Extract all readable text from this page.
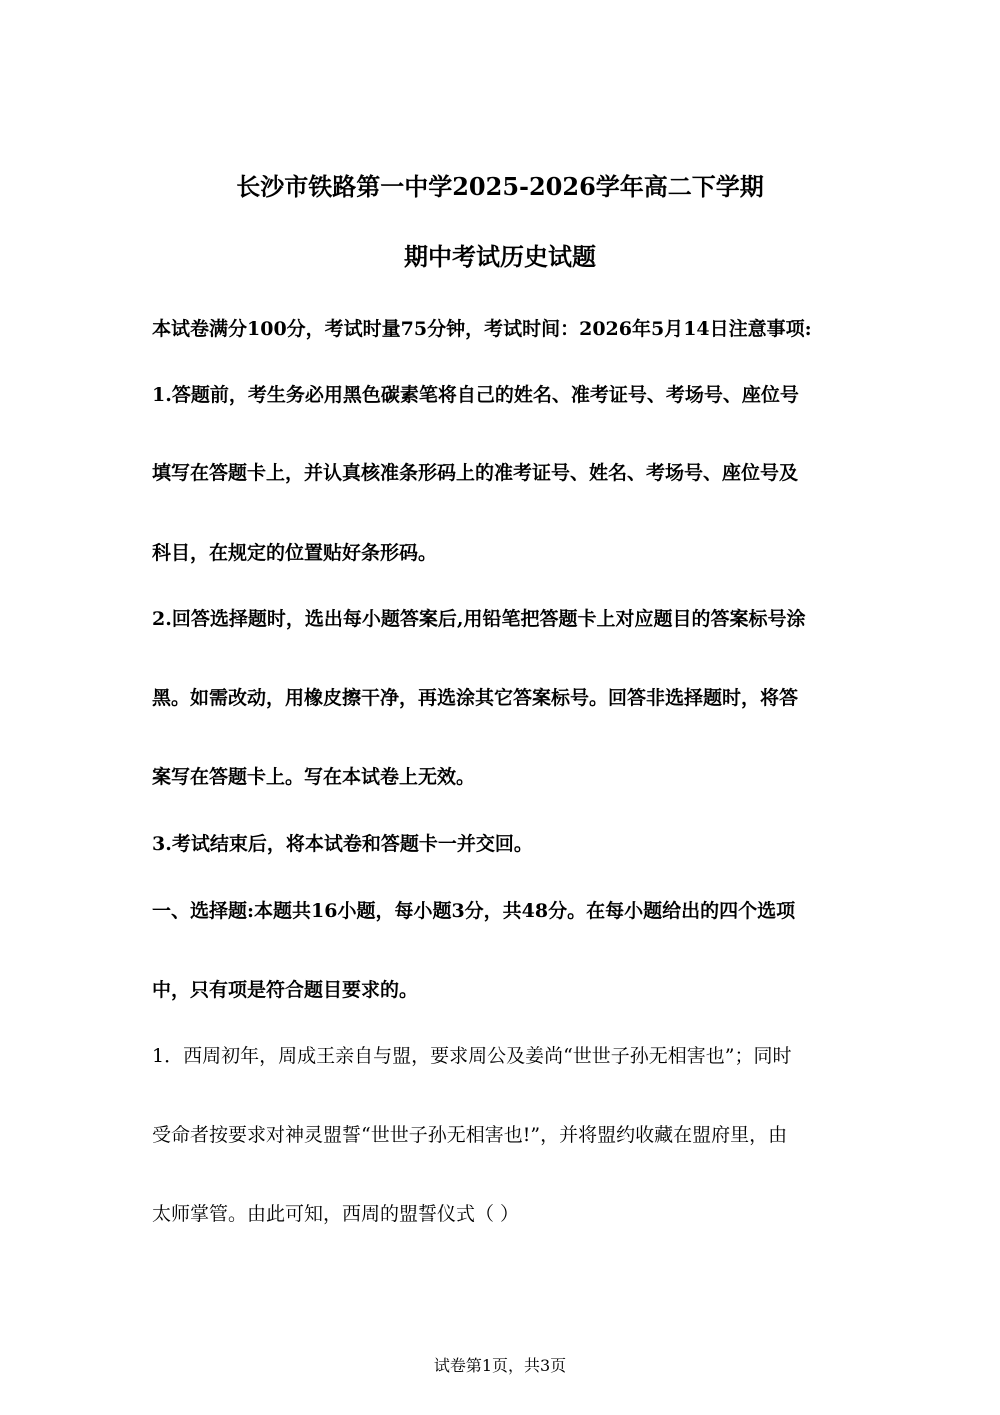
长沙市铁路第一中学2025-2026学年高二下学期
期中考试历史试题
本试卷满分100分，考试时量75分钟，考试时间：2026年5月14日注意事项:
1.答题前，考生务必用黑色碳素笔将自己的姓名、准考证号、考场号、座位号
填写在答题卡上，并认真核准条形码上的准考证号、姓名、考场号、座位号及
科目，在规定的位置贴好条形码。
2.回答选择题时，选出每小题答案后,用铅笔把答题卡上对应题目的答案标号涂
黑。如需改动，用橡皮擦干净，再选涂其它答案标号。回答非选择题时，将答
案写在答题卡上。写在本试卷上无效。
3.考试结束后，将本试卷和答题卡一并交回。
一、选择题:本题共16小题，每小题3分，共48分。在每小题给出的四个选项
中，只有项是符合题目要求的。
1．西周初年，周成王亲自与盟，要求周公及姜尚“世世子孙无相害也”；同时
受命者按要求对神灵盟誓“世世子孙无相害也!”，并将盟约收藏在盟府里，由
太师掌管。由此可知，西周的盟誓仪式（ ）
试卷第1页，共3页
